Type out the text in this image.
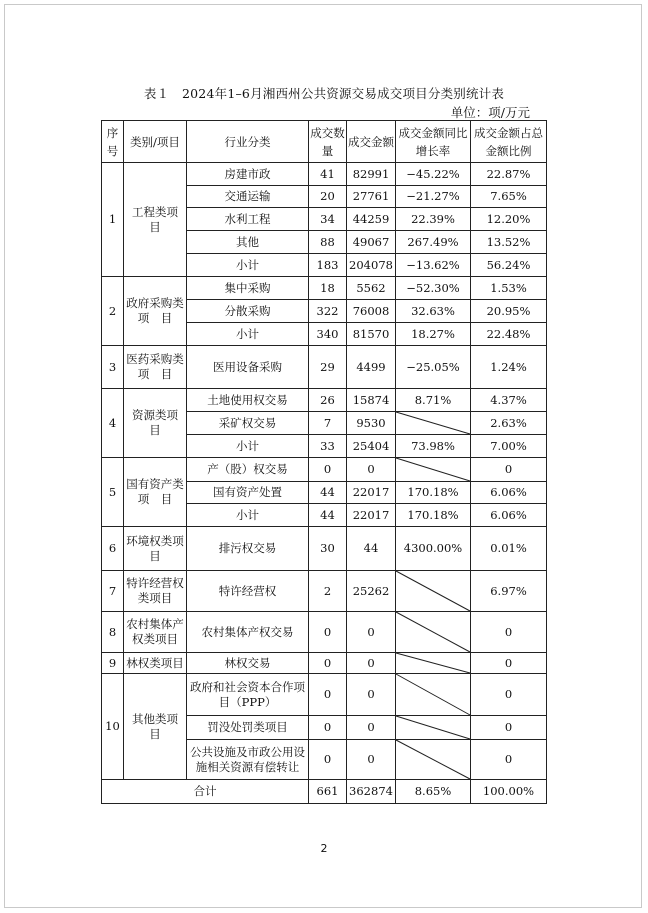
表１　2024年1–6月湘西州公共资源交易成交项目分类别统计表
单位：项/万元
序号	类别/项目	行业分类	成交数量	成交金额	成交金额同比增长率	成交金额占总金额比例
1	工程类项　目	房建市政	41	82991	−45.22%	22.87%
		交通运输	20	27761	−21.27%	7.65%
		水利工程	34	44259	22.39%	12.20%
		其他	88	49067	267.49%	13.52%
		小计	183	204078	−13.62%	56.24%
2	政府采购类项　目	集中采购	18	5562	−52.30%	1.53%
		分散采购	322	76008	32.63%	20.95%
		小计	340	81570	18.27%	22.48%
3	医药采购类项　目	医用设备采购	29	4499	−25.05%	1.24%
4	资源类项　目	土地使用权交易	26	15874	8.71%	4.37%
		采矿权交易	7	9530		2.63%
		小计	33	25404	73.98%	7.00%
5	国有资产类项　目	产（股）权交易	0	0		0
		国有资产处置	44	22017	170.18%	6.06%
		小计	44	22017	170.18%	6.06%
6	环境权类项　目	排污权交易	30	44	4300.00%	0.01%
7	特许经营权类项目	特许经营权	2	25262		6.97%
8	农村集体产权类项目	农村集体产权交易	0	0		0
9	林权类项目	林权交易	0	0		0
10	其他类项　目	政府和社会资本合作项目（PPP）	0	0		0
		罚没处罚类项目	0	0		0
		公共设施及市政公用设施相关资源有偿转让	0	0		0
合计			661	362874	8.65%	100.00%
2
